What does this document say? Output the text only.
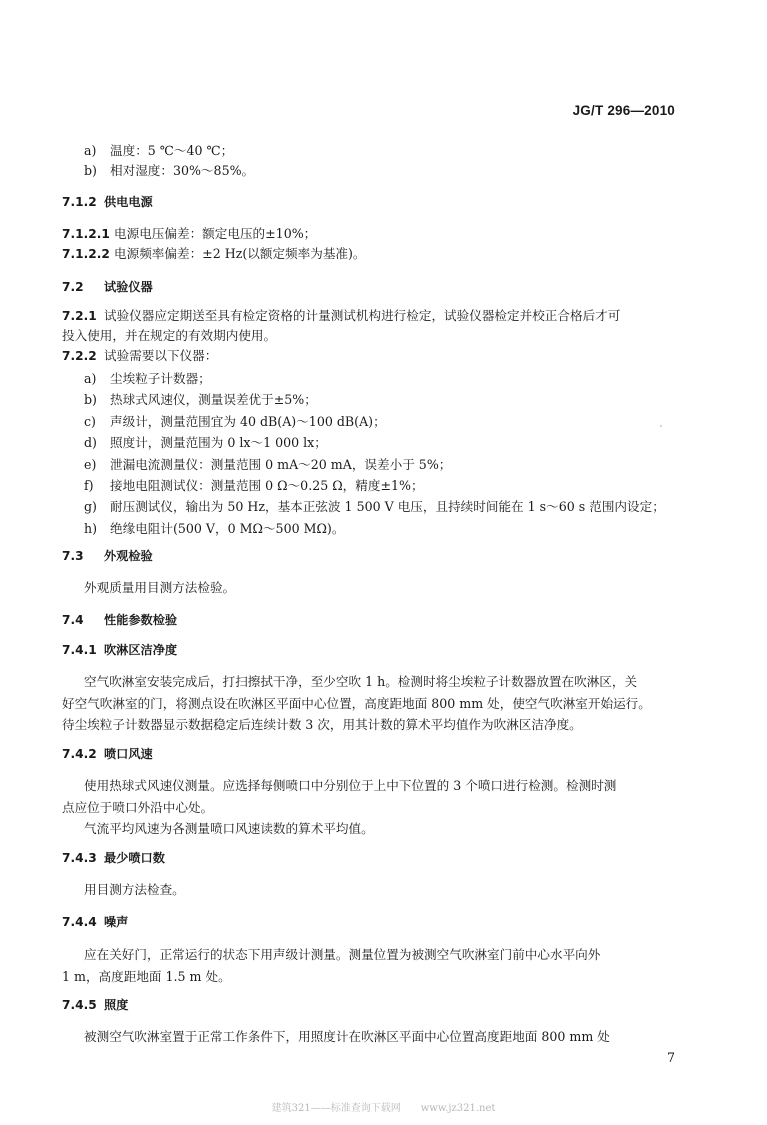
JG/T 296—2010
a) 温度：5 ℃～40 ℃；
b) 相对湿度：30%～85%。
7.1.2 供电电源
7.1.2.1 电源电压偏差：额定电压的±10%；
7.1.2.2 电源频率偏差：±2 Hz(以额定频率为基准)。
7.2 试验仪器
7.2.1 试验仪器应定期送至具有检定资格的计量测试机构进行检定，试验仪器检定并校正合格后才可
投入使用，并在规定的有效期内使用。
7.2.2 试验需要以下仪器：
a) 尘埃粒子计数器；
b) 热球式风速仪，测量误差优于±5%；
c) 声级计，测量范围宜为 40 dB(A)～100 dB(A)；
d) 照度计，测量范围为 0 lx～1 000 lx；
e) 泄漏电流测量仪：测量范围 0 mA～20 mA，误差小于 5%；
f) 接地电阻测试仪：测量范围 0 Ω～0.25 Ω，精度±1%；
g) 耐压测试仪，输出为 50 Hz，基本正弦波 1 500 V 电压，且持续时间能在 1 s～60 s 范围内设定；
h) 绝缘电阻计(500 V，0 MΩ～500 MΩ)。
7.3 外观检验
外观质量用目测方法检验。
7.4 性能参数检验
7.4.1 吹淋区洁净度
空气吹淋室安装完成后，打扫擦拭干净，至少空吹 1 h。检测时将尘埃粒子计数器放置在吹淋区，关
好空气吹淋室的门，将测点设在吹淋区平面中心位置，高度距地面 800 mm 处，使空气吹淋室开始运行。
待尘埃粒子计数器显示数据稳定后连续计数 3 次，用其计数的算术平均值作为吹淋区洁净度。
7.4.2 喷口风速
使用热球式风速仪测量。应选择每侧喷口中分别位于上中下位置的 3 个喷口进行检测。检测时测
点应位于喷口外沿中心处。
气流平均风速为各测量喷口风速读数的算术平均值。
7.4.3 最少喷口数
用目测方法检查。
7.4.4 噪声
应在关好门，正常运行的状态下用声级计测量。测量位置为被测空气吹淋室门前中心水平向外
1 m，高度距地面 1.5 m 处。
7.4.5 照度
被测空气吹淋室置于正常工作条件下，用照度计在吹淋区平面中心位置高度距地面 800 mm 处
7
建筑321——标准查询下载网　　www.jz321.net
